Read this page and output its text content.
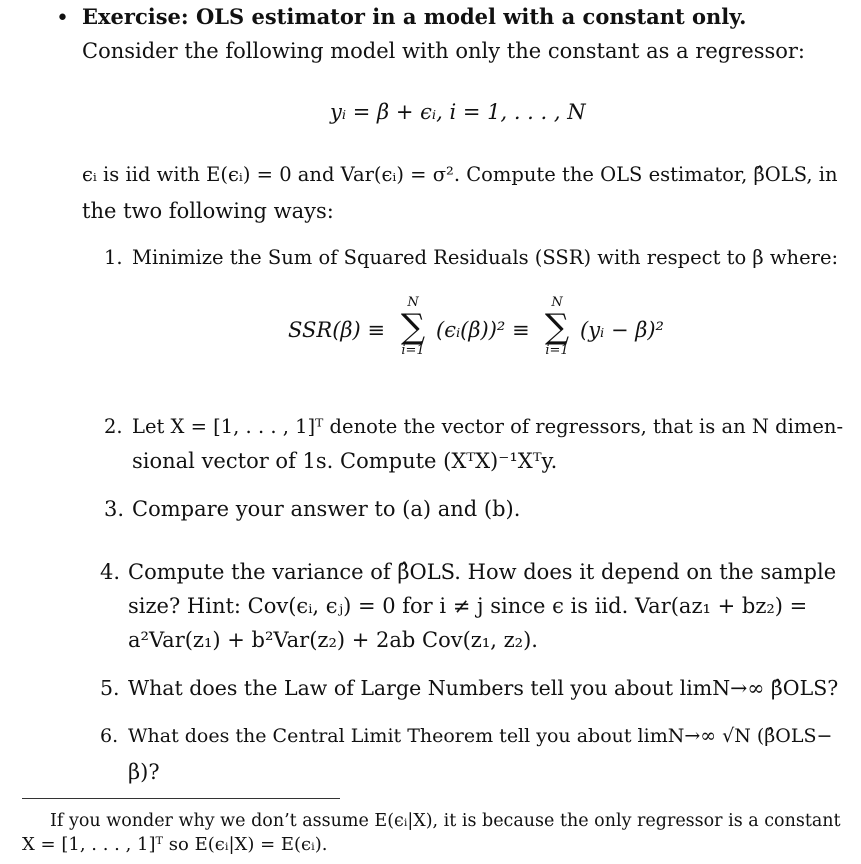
• Exercise: OLS estimator in a model with a constant only.
Consider the following model with only the constant as a regressor:
yᵢ = β + ϵᵢ, i = 1, . . . , N
ϵᵢ is iid with E(ϵᵢ) = 0 and Var(ϵᵢ) = σ². Compute the OLS estimator, β̂OLS, in
the two following ways:
1. Minimize the Sum of Squared Residuals (SSR) with respect to β where:
SSR(β) ≡
N
∑
i=1
(ϵᵢ(β))² ≡
N
∑
i=1
(yᵢ − β)²
2. Let X = [1, . . . , 1]ᵀ denote the vector of regressors, that is an N dimen-
sional vector of 1s. Compute (XᵀX)⁻¹Xᵀy.
3. Compare your answer to (a) and (b).
4. Compute the variance of β̂OLS. How does it depend on the sample
size? Hint: Cov(ϵᵢ, ϵⱼ) = 0 for i ≠ j since ϵ is iid. Var(az₁ + bz₂) =
a²Var(z₁) + b²Var(z₂) + 2ab Cov(z₁, z₂).
5. What does the Law of Large Numbers tell you about limN→∞ β̂OLS?
6. What does the Central Limit Theorem tell you about limN→∞ √N (β̂OLS−
β)?
If you wonder why we don’t assume E(ϵᵢ|X), it is because the only regressor is a constant
X = [1, . . . , 1]ᵀ so E(ϵᵢ|X) = E(ϵᵢ).
